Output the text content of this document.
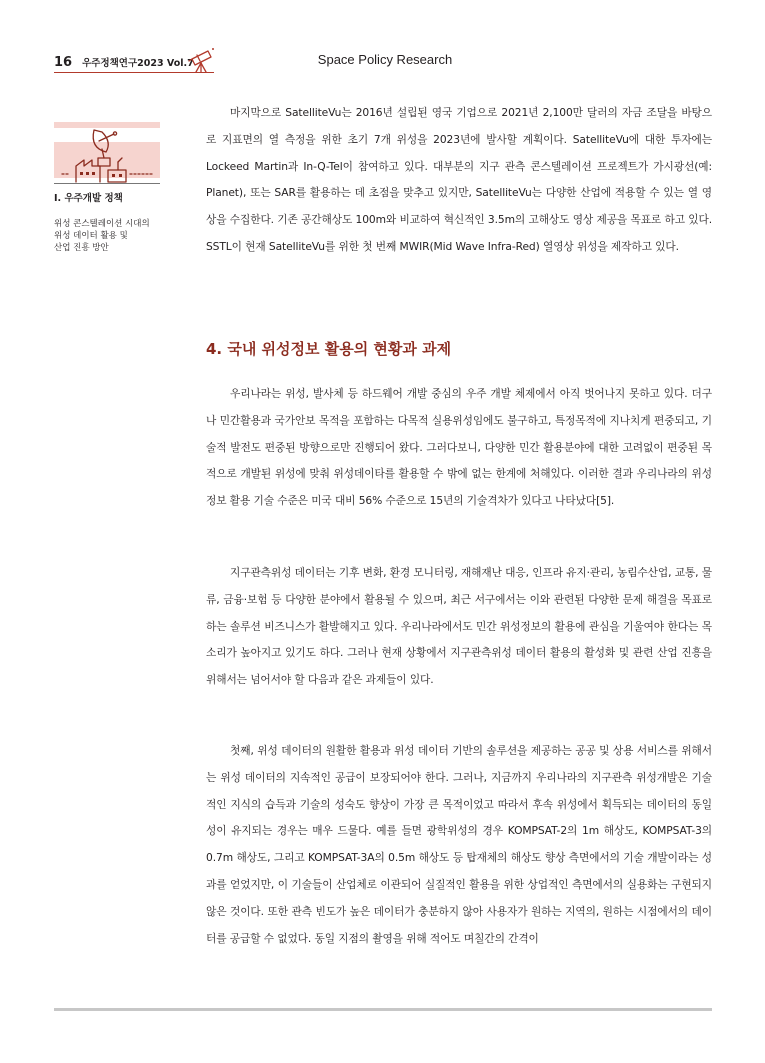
16 우주정책연구2023 Vol.7	Space Policy Research
I. 우주개발 정책
위성 콘스텔레이션 시대의
위성 데이터 활용 및
산업 진흥 방안

마지막으로 SatelliteVu는 2016년 설립된 영국 기업으로 2021년 2,100만 달러의 자금 조달을 바탕으로 지표면의 열 측정을 위한 초기 7개 위성을 2023년에 발사할 계획이다. SatelliteVu에 대한 투자에는 Lockeed Martin과 In-Q-Tel이 참여하고 있다. 대부분의 지구 관측 콘스텔레이션 프로젝트가 가시광선(예: Planet), 또는 SAR를 활용하는 데 초점을 맞추고 있지만, SatelliteVu는 다양한 산업에 적용할 수 있는 열 영상을 수집한다. 기존 공간해상도 100m와 비교하여 혁신적인 3.5m의 고해상도 영상 제공을 목표로 하고 있다. SSTL이 현재 SatelliteVu를 위한 첫 번째 MWIR(Mid Wave Infra-Red) 열영상 위성을 제작하고 있다.

4. 국내 위성정보 활용의 현황과 과제

우리나라는 위성, 발사체 등 하드웨어 개발 중심의 우주 개발 체제에서 아직 벗어나지 못하고 있다. 더구나 민간활용과 국가안보 목적을 포함하는 다목적 실용위성임에도 불구하고, 특정목적에 지나치게 편중되고, 기술적 발전도 편중된 방향으로만 진행되어 왔다. 그러다보니, 다양한 민간 활용분야에 대한 고려없이 편중된 목적으로 개발된 위성에 맞춰 위성데이타를 활용할 수 밖에 없는 한계에 처해있다. 이러한 결과 우리나라의 위성정보 활용 기술 수준은 미국 대비 56% 수준으로 15년의 기술격차가 있다고 나타났다[5].

지구관측위성 데이터는 기후 변화, 환경 모니터링, 재해재난 대응, 인프라 유지·관리, 농림수산업, 교통, 물류, 금융·보험 등 다양한 분야에서 활용될 수 있으며, 최근 서구에서는 이와 관련된 다양한 문제 해결을 목표로 하는 솔루션 비즈니스가 활발해지고 있다. 우리나라에서도 민간 위성정보의 활용에 관심을 기울여야 한다는 목소리가 높아지고 있기도 하다. 그러나 현재 상황에서 지구관측위성 데이터 활용의 활성화 및 관련 산업 진흥을 위해서는 넘어서야 할 다음과 같은 과제들이 있다.

첫째, 위성 데이터의 원활한 활용과 위성 데이터 기반의 솔루션을 제공하는 공공 및 상용 서비스를 위해서는 위성 데이터의 지속적인 공급이 보장되어야 한다. 그러나, 지금까지 우리나라의 지구관측 위성개발은 기술적인 지식의 습득과 기술의 성숙도 향상이 가장 큰 목적이었고 따라서 후속 위성에서 획득되는 데이터의 동일성이 유지되는 경우는 매우 드물다. 예를 들면 광학위성의 경우 KOMPSAT-2의 1m 해상도, KOMPSAT-3의 0.7m 해상도, 그리고 KOMPSAT-3A의 0.5m 해상도 등 탑재체의 해상도 향상 측면에서의 기술 개발이라는 성과를 얻었지만, 이 기술들이 산업체로 이관되어 실질적인 활용을 위한 상업적인 측면에서의 실용화는 구현되지 않은 것이다. 또한 관측 빈도가 높은 데이터가 충분하지 않아 사용자가 원하는 지역의, 원하는 시점에서의 데이터를 공급할 수 없었다. 동일 지점의 촬영을 위해 적어도 며칠간의 간격이
